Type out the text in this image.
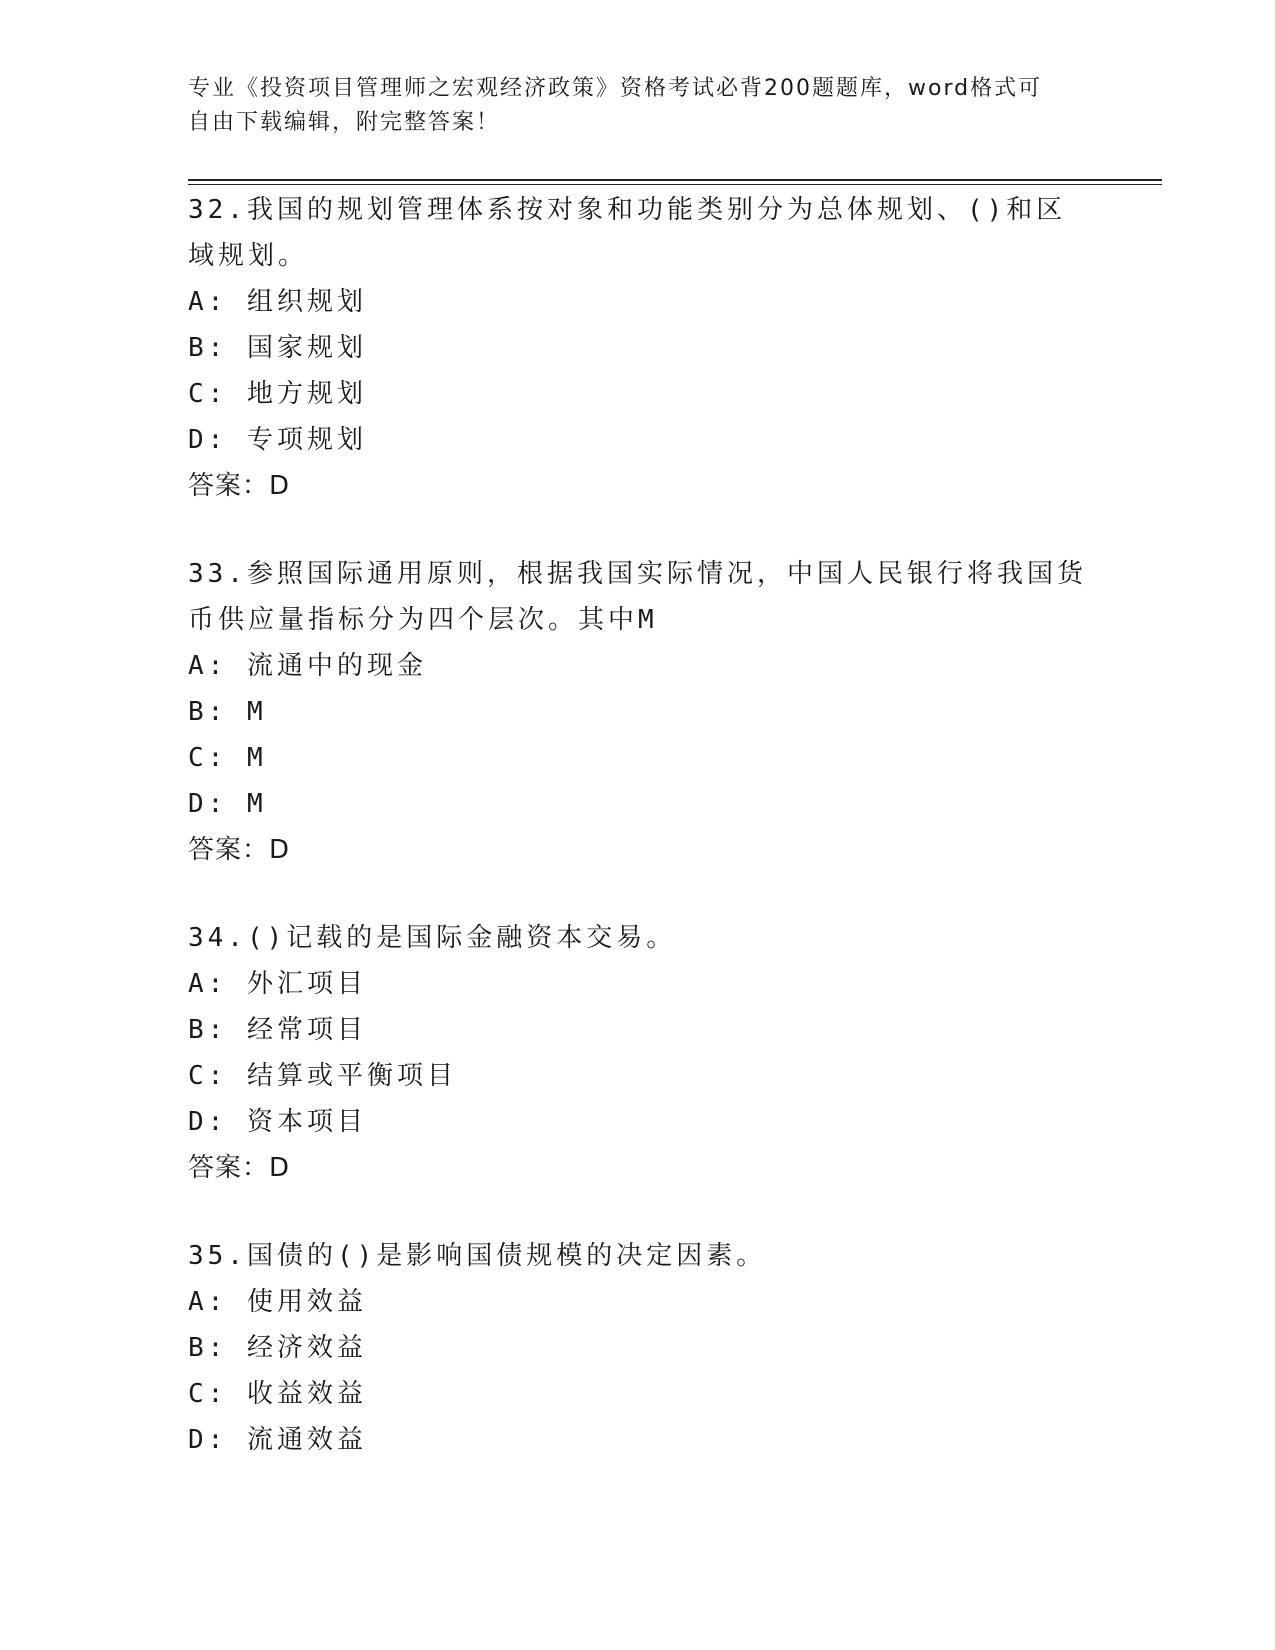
专业《投资项目管理师之宏观经济政策》资格考试必背200题题库，word格式可
自由下载编辑，附完整答案！
32.我国的规划管理体系按对象和功能类别分为总体规划、()和区域规划。
A: 组织规划
B: 国家规划
C: 地方规划
D: 专项规划
答案：D
33.参照国际通用原则，根据我国实际情况，中国人民银行将我国货币供应量指标分为四个层次。其中M
A: 流通中的现金
B: M
C: M
D: M
答案：D
34.()记载的是国际金融资本交易。
A: 外汇项目
B: 经常项目
C: 结算或平衡项目
D: 资本项目
答案：D
35.国债的()是影响国债规模的决定因素。
A: 使用效益
B: 经济效益
C: 收益效益
D: 流通效益
